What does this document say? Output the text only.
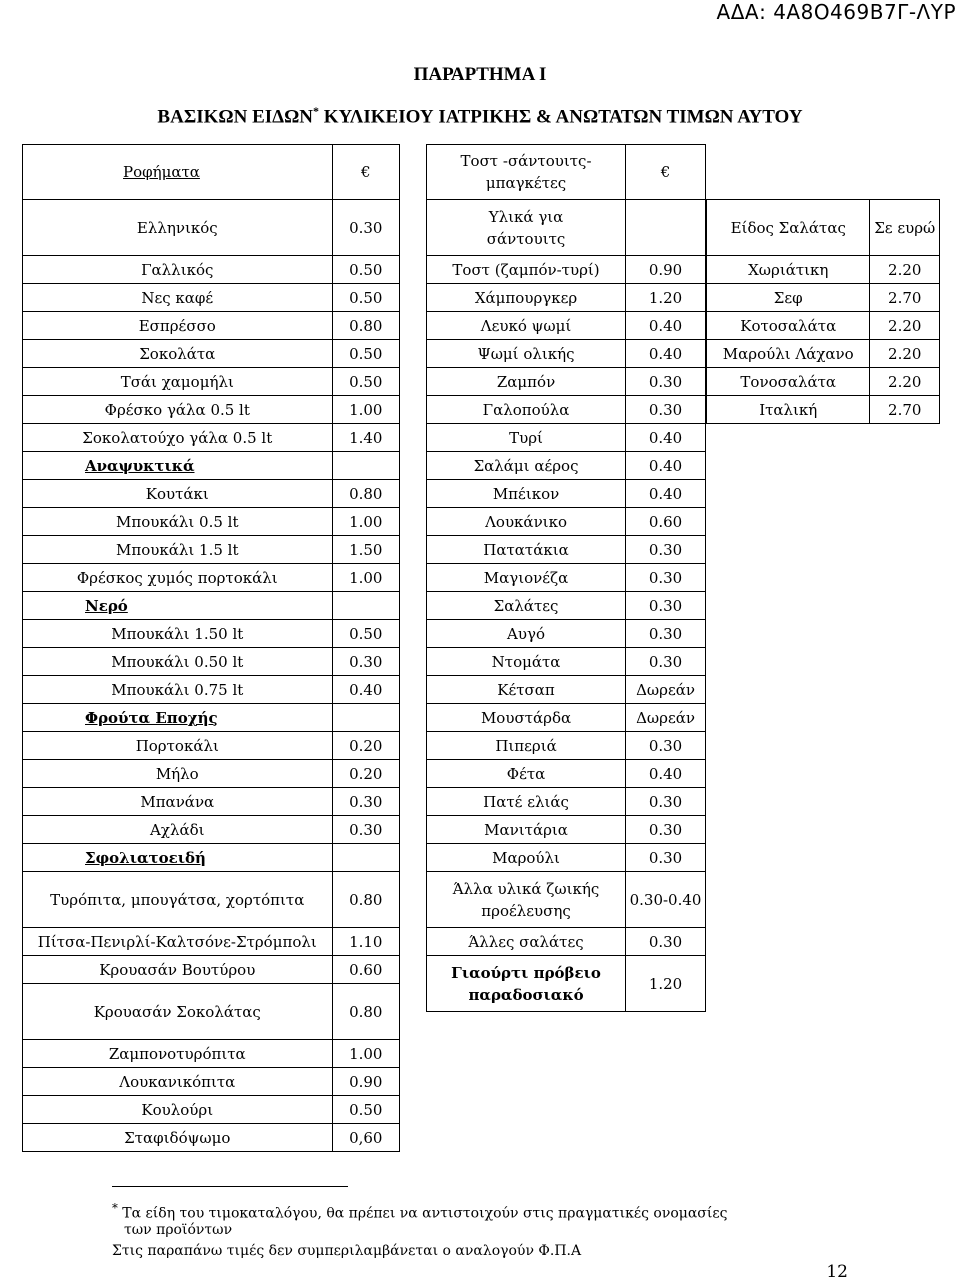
ΑΔΑ: 4Α8Ο469Β7Γ-ΛΥΡ
ΠΑΡΑΡΤΗΜΑ Ι
ΒΑΣΙΚΩΝ ΕΙΔΩΝ* ΚΥΛΙΚΕΙΟΥ ΙΑΤΡΙΚΗΣ & ΑΝΩΤΑΤΩΝ ΤΙΜΩΝ ΑΥΤΟΥ
Ροφήματα	€
Ελληνικός	0.30
Γαλλικός	0.50
Νες καφέ	0.50
Εσπρέσσο	0.80
Σοκολάτα	0.50
Τσάι χαμομήλι	0.50
Φρέσκο γάλα 0.5 lt	1.00
Σοκολατούχο γάλα 0.5 lt	1.40
Αναψυκτικά	
Κουτάκι	0.80
Μπουκάλι 0.5 lt	1.00
Μπουκάλι 1.5 lt	1.50
Φρέσκος χυμός πορτοκάλι	1.00
Νερό	
Μπουκάλι 1.50 lt	0.50
Μπουκάλι 0.50 lt	0.30
Μπουκάλι 0.75 lt	0.40
Φρούτα Εποχής	
Πορτοκάλι	0.20
Μήλο	0.20
Μπανάνα	0.30
Αχλάδι	0.30
Σφολιατοειδή	
Τυρόπιτα, μπουγάτσα, χορτόπιτα	0.80
Πίτσα-Πενιρλί-Καλτσόνε-Στρόμπολι	1.10
Κρουασάν Βουτύρου	0.60
Κρουασάν Σοκολάτας	0.80
Ζαμπονοτυρόπιτα	1.00
Λουκανικόπιτα	0.90
Κουλούρι	0.50
Σταφιδόψωμο	0,60
Τοστ -σάντουιτς-μπαγκέτες	€
Υλικά για σάντουιτς	
Τοστ (ζαμπόν-τυρί)	0.90
Χάμπουργκερ	1.20
Λευκό ψωμί	0.40
Ψωμί ολικής	0.40
Ζαμπόν	0.30
Γαλοπούλα	0.30
Τυρί	0.40
Σαλάμι αέρος	0.40
Μπέικον	0.40
Λουκάνικο	0.60
Πατατάκια	0.30
Μαγιονέζα	0.30
Σαλάτες	0.30
Αυγό	0.30
Ντομάτα	0.30
Κέτσαπ	Δωρεάν
Μουστάρδα	Δωρεάν
Πιπεριά	0.30
Φέτα	0.40
Πατέ ελιάς	0.30
Μανιτάρια	0.30
Μαρούλι	0.30
Άλλα υλικά ζωικής προέλευσης	0.30-0.40
Άλλες σαλάτες	0.30
Γιαούρτι πρόβειο παραδοσιακό	1.20
Είδος Σαλάτας	Σε ευρώ
Χωριάτικη	2.20
Σεφ	2.70
Κοτοσαλάτα	2.20
Μαρούλι Λάχανο	2.20
Τονοσαλάτα	2.20
Ιταλική	2.70
* Τα είδη του τιμοκαταλόγου, θα πρέπει να αντιστοιχούν στις πραγματικές ονομασίες
των προϊόντων
Στις παραπάνω τιμές δεν συμπεριλαμβάνεται ο αναλογούν Φ.Π.Α
12
